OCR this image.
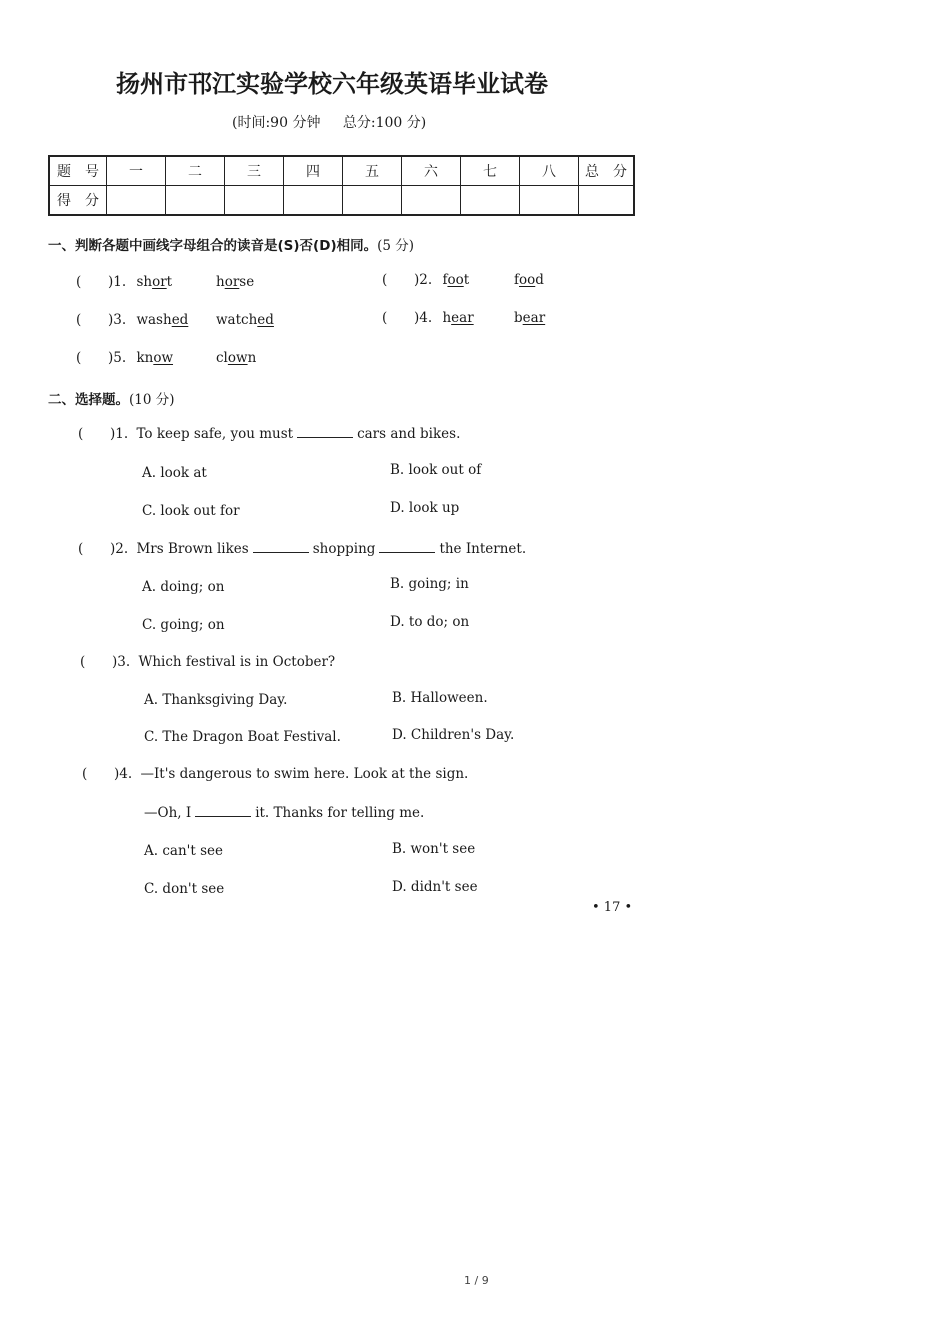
扬州市邗江实验学校六年级英语毕业试卷
(时间:90 分钟 总分:100 分)
题　号	一	二	三	四	五	六	七	八	总　分
得　分									
一、判断各题中画线字母组合的读音是(S)否(D)相同。(5 分)
( )1. short	horse	( )2. foot	food
( )3. washed watched	( )4. hear	bear
( )5. know	clown
二、选择题。(10 分)
( )1. To keep safe, you must	cars and bikes.
A. look at	B. look out of
C. look out for	D. look up
( )2. Mrs Brown likes	shopping	the Internet.
A. doing; on	B. going; in
C. going; on	D. to do; on
( )3. Which festival is in October?
A. Thanksgiving Day.	B. Halloween.
C. The Dragon Boat Festival.	D. Children's Day.
( )4. —It's dangerous to swim here. Look at the sign.
—Oh, I	it. Thanks for telling me.
A. can't see	B. won't see
C. don't see	D. didn't see
• 17 •
1 / 9
